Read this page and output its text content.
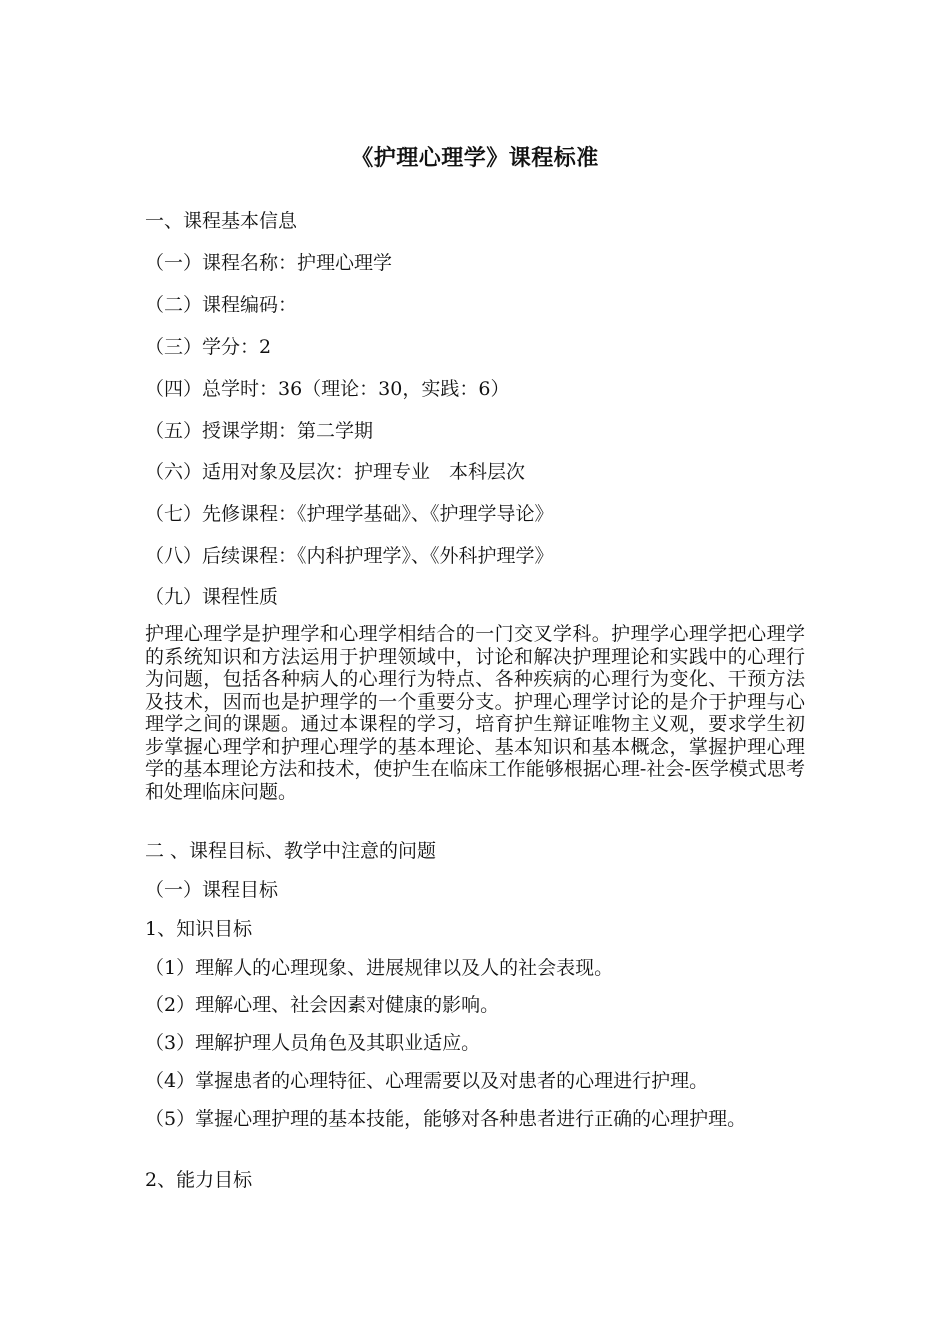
《护理心理学》课程标准
一、课程基本信息
（一）课程名称：护理心理学
（二）课程编码：
（三）学分：2
（四）总学时：36（理论：30，实践：6）
（五）授课学期：第二学期
（六）适用对象及层次：护理专业　本科层次
（七）先修课程：《护理学基础》、《护理学导论》
（八）后续课程：《内科护理学》、《外科护理学》
（九）课程性质
护理心理学是护理学和心理学相结合的一门交叉学科。护理学心理学把心理学的系统知识和方法运用于护理领域中，讨论和解决护理理论和实践中的心理行为问题，包括各种病人的心理行为特点、各种疾病的心理行为变化、干预方法及技术，因而也是护理学的一个重要分支。护理心理学讨论的是介于护理与心理学之间的课题。通过本课程的学习，培育护生辩证唯物主义观，要求学生初步掌握心理学和护理心理学的基本理论、基本知识和基本概念，掌握护理心理学的基本理论方法和技术，使护生在临床工作能够根据心理-社会-医学模式思考和处理临床问题。
二 、课程目标、教学中注意的问题
（一）课程目标
1、知识目标
（1）理解人的心理现象、进展规律以及人的社会表现。
（2）理解心理、社会因素对健康的影响。
（3）理解护理人员角色及其职业适应。
（4）掌握患者的心理特征、心理需要以及对患者的心理进行护理。
（5）掌握心理护理的基本技能，能够对各种患者进行正确的心理护理。
2、能力目标
